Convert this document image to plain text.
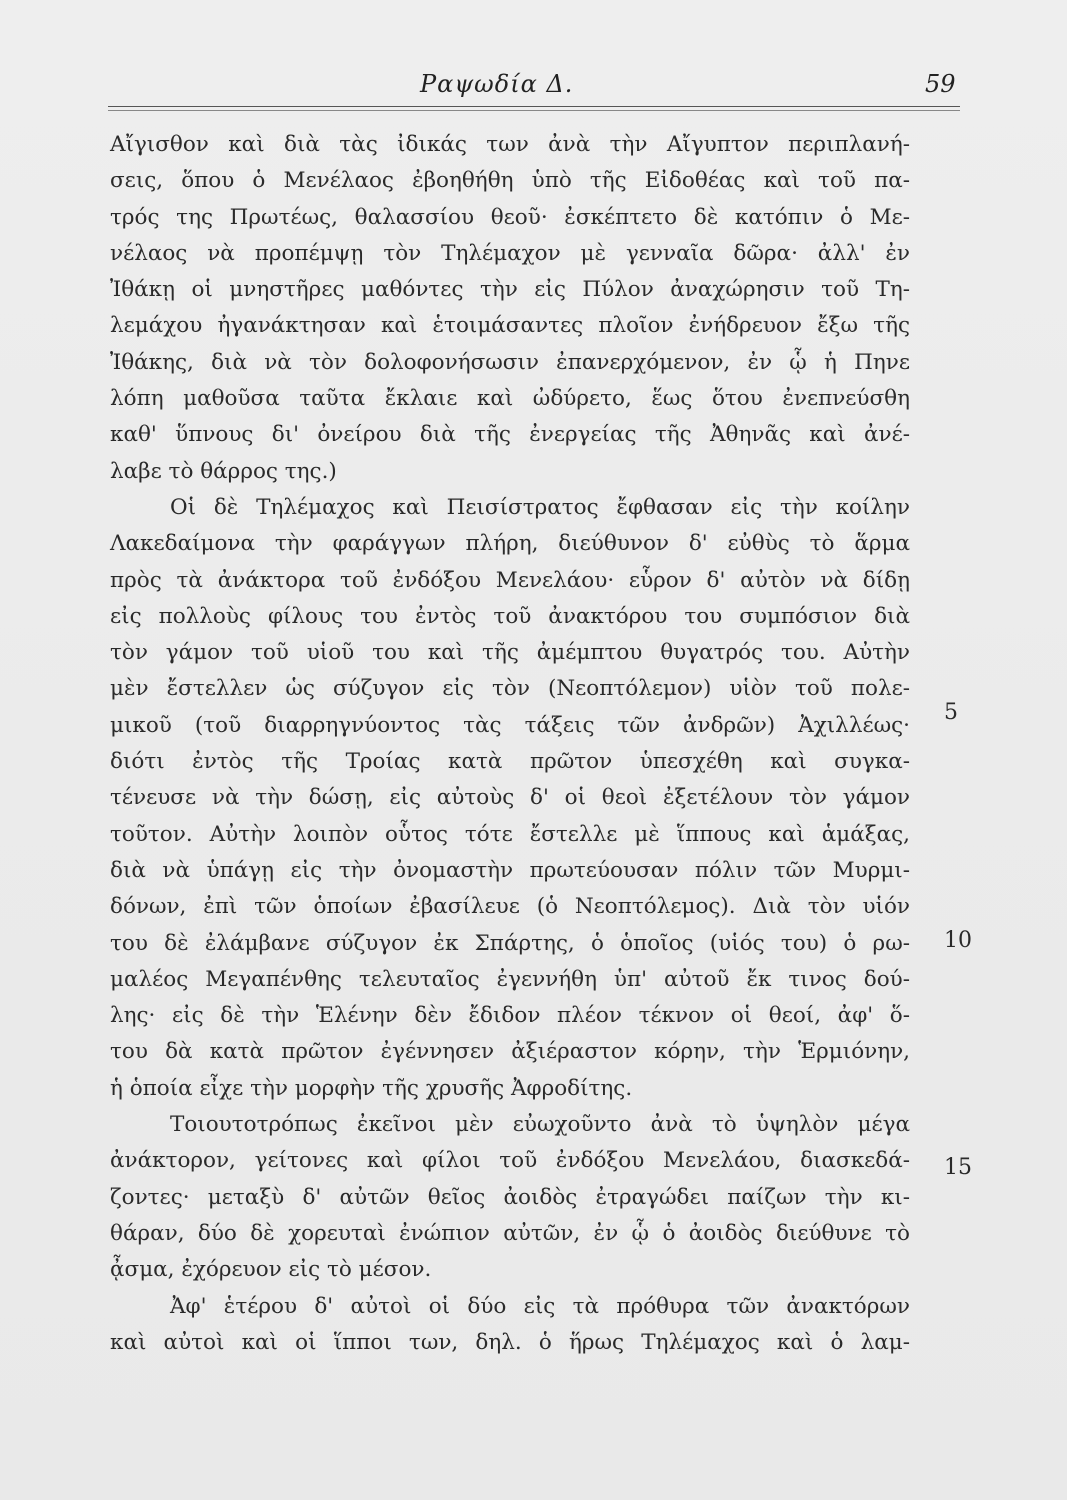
Ραψωδία Δ.	59
Αἴγισθον καὶ διὰ τὰς ἰδικάς των ἀνὰ τὴν Αἴγυπτον περιπλανή-
σεις, ὅπου ὁ Μενέλαος ἐβοηθήθη ὑπὸ τῆς Εἰδοθέας καὶ τοῦ πα-
τρός της Πρωτέως, θαλασσίου θεοῦ· ἐσκέπτετο δὲ κατόπιν ὁ Με-
νέλαος νὰ προπέμψῃ τὸν Τηλέμαχον μὲ γενναῖα δῶρα· ἀλλ' ἐν
Ἰθάκῃ οἱ μνηστῆρες μαθόντες τὴν εἰς Πύλον ἀναχώρησιν τοῦ Τη-
λεμάχου ἠγανάκτησαν καὶ ἑτοιμάσαντες πλοῖον ἐνήδρευον ἔξω τῆς
Ἰθάκης, διὰ νὰ τὸν δολοφονήσωσιν ἐπανερχόμενον, ἐν ᾧ ἡ Πηνε
λόπη μαθοῦσα ταῦτα ἔκλαιε καὶ ὠδύρετο, ἕως ὅτου ἐνεπνεύσθη
καθ' ὕπνους δι' ὀνείρου διὰ τῆς ἐνεργείας τῆς Ἀθηνᾶς καὶ ἀνέ-
λαβε τὸ θάρρος της.)
Οἱ δὲ Τηλέμαχος καὶ Πεισίστρατος ἔφθασαν εἰς τὴν κοίλην
Λακεδαίμονα τὴν φαράγγων πλήρη, διεύθυνον δ' εὐθὺς τὸ ἅρμα
πρὸς τὰ ἀνάκτορα τοῦ ἐνδόξου Μενελάου· εὗρον δ' αὐτὸν νὰ δίδῃ
εἰς πολλοὺς φίλους του ἐντὸς τοῦ ἀνακτόρου του συμπόσιον διὰ
τὸν γάμον τοῦ υἱοῦ του καὶ τῆς ἀμέμπτου θυγατρός του. Αὐτὴν
μὲν ἔστελλεν ὡς σύζυγον εἰς τὸν (Νεοπτόλεμον) υἱὸν τοῦ πολε-
μικοῦ (τοῦ διαρρηγνύοντος τὰς τάξεις τῶν ἀνδρῶν) Ἀχιλλέως·
διότι ἐντὸς τῆς Τροίας κατὰ πρῶτον ὑπεσχέθη καὶ συγκα-
τένευσε νὰ τὴν δώσῃ, εἰς αὐτοὺς δ' οἱ θεοὶ ἐξετέλουν τὸν γάμον
τοῦτον. Αὐτὴν λοιπὸν οὗτος τότε ἔστελλε μὲ ἵππους καὶ ἁμάξας,
διὰ νὰ ὑπάγῃ εἰς τὴν ὀνομαστὴν πρωτεύουσαν πόλιν τῶν Μυρμι-
δόνων, ἐπὶ τῶν ὁποίων ἐβασίλευε (ὁ Νεοπτόλεμος). Διὰ τὸν υἱόν
του δὲ ἐλάμβανε σύζυγον ἐκ Σπάρτης, ὁ ὁποῖος (υἱός του) ὁ ρω-
μαλέος Μεγαπένθης τελευταῖος ἐγεννήθη ὑπ' αὐτοῦ ἔκ τινος δού-
λης· εἰς δὲ τὴν Ἑλένην δὲν ἔδιδον πλέον τέκνον οἱ θεοί, ἀφ' ὅ-
του δὰ κατὰ πρῶτον ἐγέννησεν ἀξιέραστον κόρην, τὴν Ἑρμιόνην,
ἡ ὁποία εἶχε τὴν μορφὴν τῆς χρυσῆς Ἀφροδίτης.
Τοιουτοτρόπως ἐκεῖνοι μὲν εὐωχοῦντο ἀνὰ τὸ ὑψηλὸν μέγα
ἀνάκτορον, γείτονες καὶ φίλοι τοῦ ἐνδόξου Μενελάου, διασκεδά-
ζοντες· μεταξὺ δ' αὐτῶν θεῖος ἀοιδὸς ἐτραγώδει παίζων τὴν κι-
θάραν, δύο δὲ χορευταὶ ἐνώπιον αὐτῶν, ἐν ᾧ ὁ ἀοιδὸς διεύθυνε τὸ
ᾆσμα, ἐχόρευον εἰς τὸ μέσον.
Ἀφ' ἑτέρου δ' αὐτοὶ οἱ δύο εἰς τὰ πρόθυρα τῶν ἀνακτόρων
καὶ αὐτοὶ καὶ οἱ ἵπποι των, δηλ. ὁ ἥρως Τηλέμαχος καὶ ὁ λαμ-
5
10
15
